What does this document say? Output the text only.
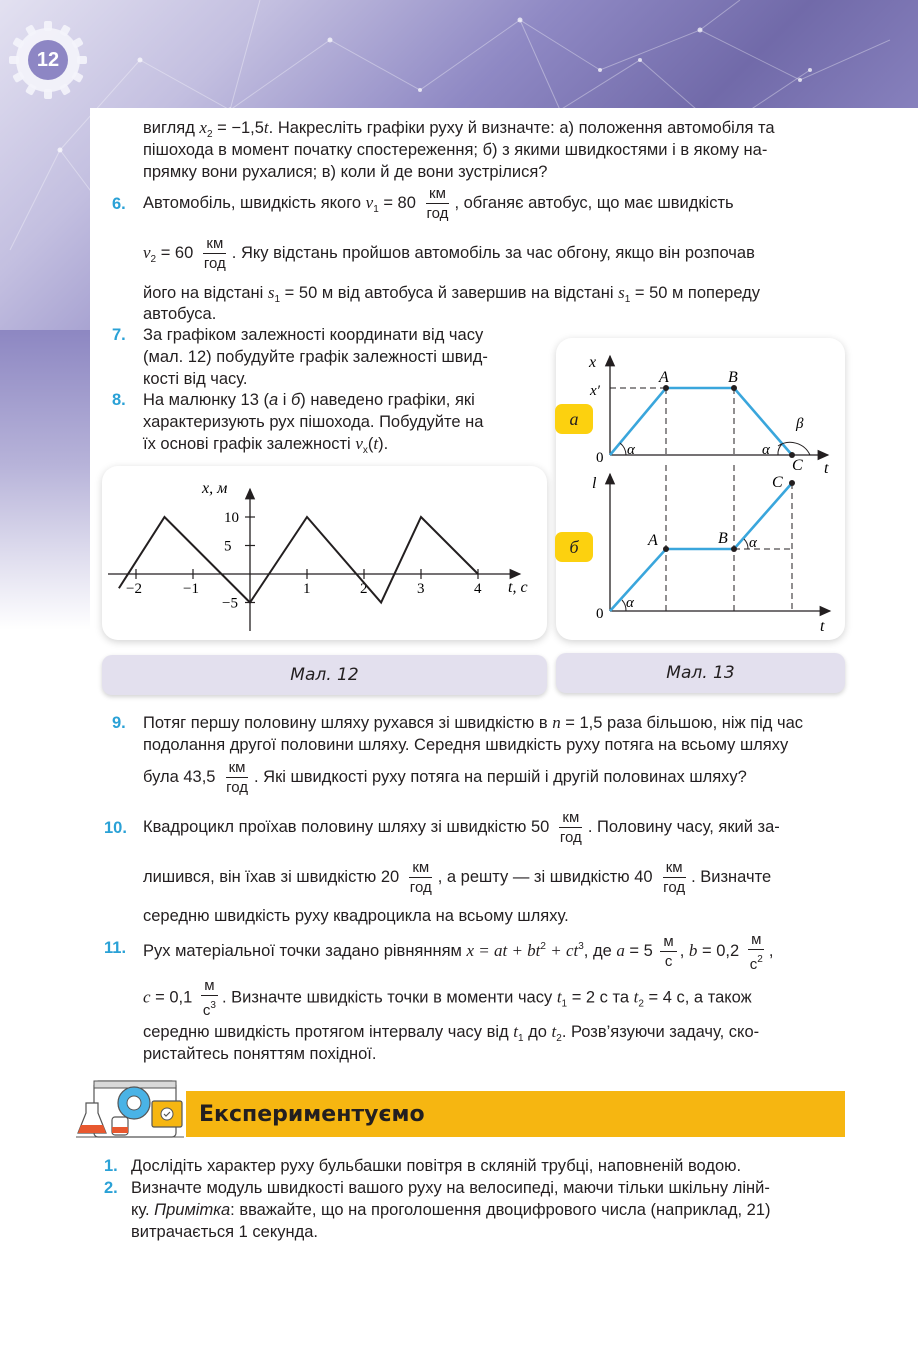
12
вигляд $x_2 = -1,5t$. Накресліть графіки руху й визначте: а) положення автомобіля та
пішохода в момент початку спостереження; б) з якими швидкостями і в якому на-
прямку вони рухалися; в) коли й де вони зустрілися?
6. Автомобіль, швидкість якого $v_1 = 80 \frac{км}{\text{год}}$ , обганяє автобус, що має швидкість
$v_2 = 60 \frac{км}{\text{год}}$ . Яку відстань пройшов автомобіль за час обгону, якщо він розпочав
його на відстані $s_1 = 50$ м від автобуса й завершив на відстані $s_1 = 50$ м попереду
автобуса.
7. За графіком залежності координати від часу
(мал. 12) побудуйте графік залежності швид-
кості від часу.
8. На малюнку 13 (а і б) наведено графіки, які
характеризують рух пішохода. Побудуйте на
їх основі графік залежності $v_x(t)$.
−2	−1	1	2	3	4
10
5
−5
x, м
t, с
Мал. 12
x
x′
0
t
A	B
C
α	α
β
l
0
t
A	B
C
α
α
а
б
Мал. 13
9. Потяг першу половину шляху рухався зі швидкістю в n = 1,5 раза більшою, ніж під час
подолання другої половини шляху. Середня швидкість руху потяга на всьому шляху
була $43,5 \frac{км}{\text{год}}$ . Які швидкості руху потяга на першій і другій половинах шляху?
10. Квадроцикл проїхав половину шляху зі швидкістю $50 \frac{км}{\text{год}}$ . Половину часу, який за-
лишився, він їхав зі швидкістю $20 \frac{км}{\text{год}}$ , а решту — зі швидкістю $40 \frac{км}{\text{год}}$ . Визначте
середню швидкість руху квадроцикла на всьому шляху.
11. Рух матеріальної точки задано рівнянням x = at + $bt^2 + ct^3$, де $a = 5 \frac{м}{с}$ , $b = 0,2 \frac{м}{с^2}$ ,
$c = 0,1 \frac{м}{с^3}$ . Визначте швидкість точки в моменти часу $t_1 = 2$ с та $t_2 = 4$ с, а також
середню швидкість протягом інтервалу часу від $t_1$ до $t_2$. Розв’язуючи задачу, ско-
ристайтесь поняттям похідної.
Експериментуємо
1. Дослідіть характер руху бульбашки повітря в скляній трубці, наповненій водою.
2. Визначте модуль швидкості вашого руху на велосипеді, маючи тільки шкільну лінй-
ку. Примітка: вважайте, що на проголошення двоцифрового числа (наприклад, 21)
витрачається 1 секунда.
